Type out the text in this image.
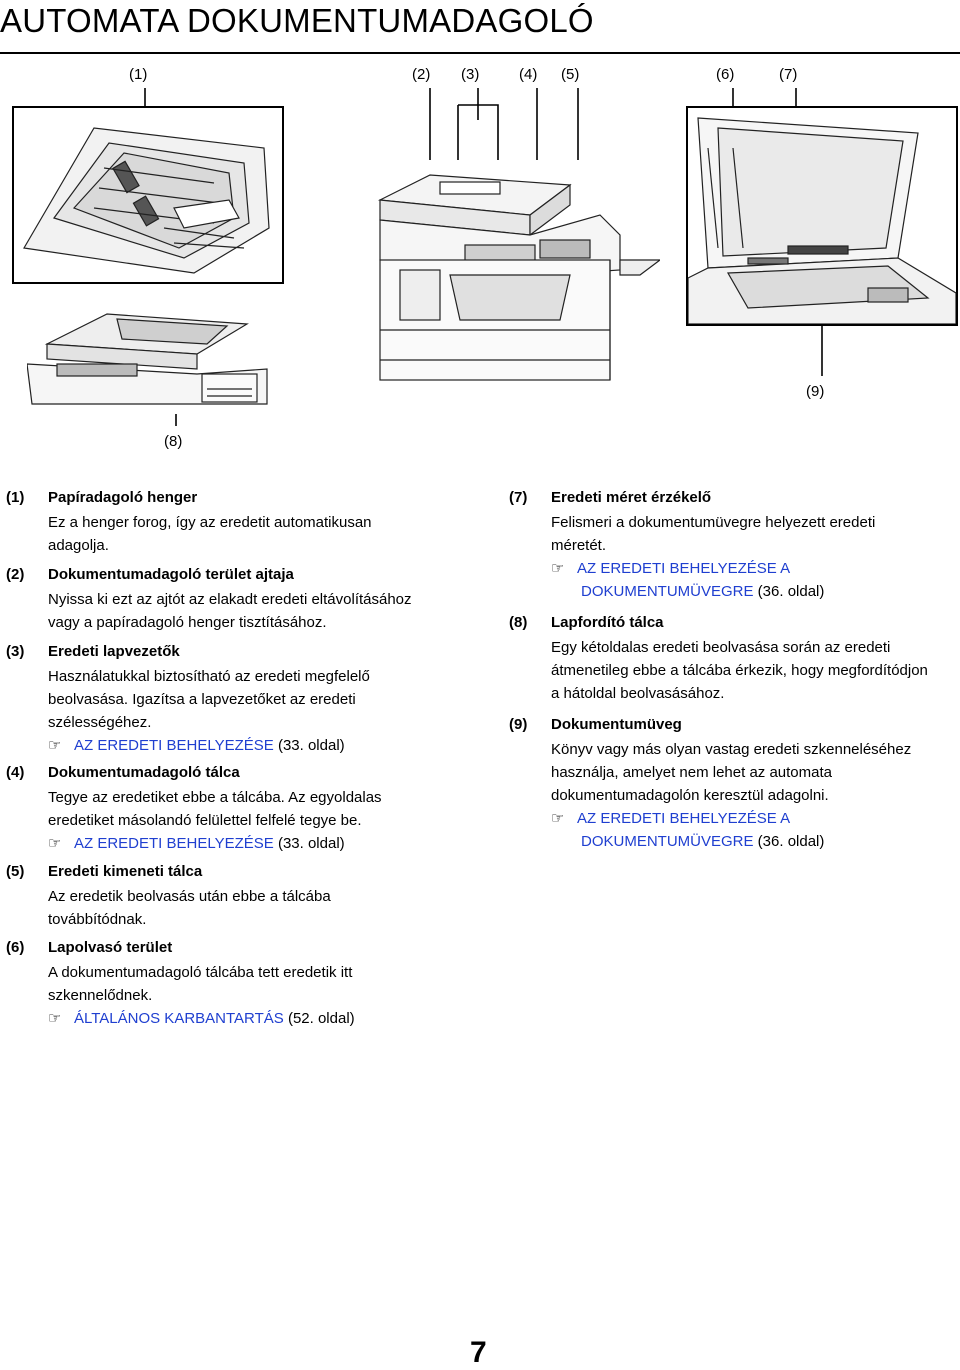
AUTOMATA DOKUMENTUMADAGOLÓ
(1)	(2) (3)	(4) (5)	(6)	(7)
(9)
(8)
(1) Papíradagoló henger

Ez a henger forog, így az eredetit automatikusan

adagolja.

(2) Dokumentumadagoló terület ajtaja

Nyissa ki ezt az ajtót az elakadt eredeti eltávolításához

vagy a papíradagoló henger tisztításához.

(3) Eredeti lapvezetők

Használatukkal biztosítható az eredeti megfelelő

beolvasása. Igazítsa a lapvezetőket az eredeti

szélességéhez.

☞ AZ EREDETI BEHELYEZÉSE (33. oldal)

(4) Dokumentumadagoló tálca

Tegye az eredetiket ebbe a tálcába. Az egyoldalas

eredetiket másolandó felülettel felfelé tegye be.

☞ AZ EREDETI BEHELYEZÉSE (33. oldal)

(5) Eredeti kimeneti tálca

Az eredetik beolvasás után ebbe a tálcába

továbbítódnak.

(6) Lapolvasó terület

A dokumentumadagoló tálcába tett eredetik itt

szkennelődnek.

☞ ÁLTALÁNOS KARBANTARTÁS (52. oldal)

(7) Eredeti méret érzékelő

Felismeri a dokumentumüvegre helyezett eredeti

méretét.

☞ AZ EREDETI BEHELYEZÉSE A

DOKUMENTUMÜVEGRE (36. oldal)

(8) Lapfordító tálca

Egy kétoldalas eredeti beolvasása során az eredeti

átmenetileg ebbe a tálcába érkezik, hogy megfordítódjon

a hátoldal beolvasásához.

(9) Dokumentumüveg

Könyv vagy más olyan vastag eredeti szkenneléséhez

használja, amelyet nem lehet az automata

dokumentumadagolón keresztül adagolni.

☞ AZ EREDETI BEHELYEZÉSE A

DOKUMENTUMÜVEGRE (36. oldal)

7
